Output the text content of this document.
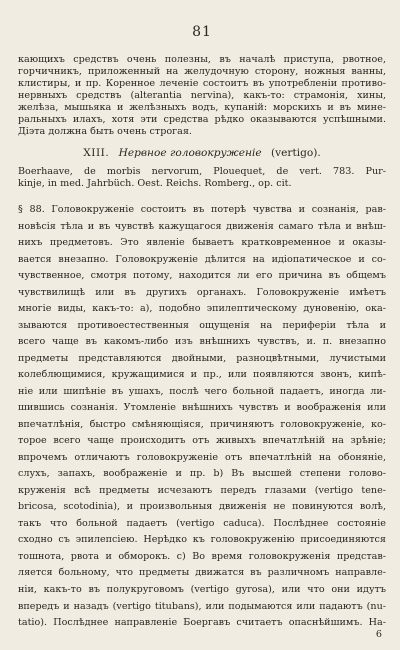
81
кающихъ средствъ очень полезны, въ началѣ приступа, рвотное,
горчичникъ, приложенный на желудочную сторону, ножныя ванны,
клистиры, и пр. Коренное леченіе состоитъ въ употребленіи противо-
нервныхъ средствъ (alterantia nervina), какъ-то: страмонія, хины,
желѣза, мышьяка и желѣзныхъ водъ, купаній: морскихъ и въ мине-
ральныхъ илахъ, хотя эти средства рѣдко оказываются успѣшными.
Діэта должна быть очень строгая.
XIII. Нервное головокруженіе (vertigo).
Boerhaave, de morbis nervorum, Plouequet, de vert. 783. Pur-
kinje, in med. Jahrbüch. Oest. Reichs. Romberg., op. cit.
§ 88. Головокруженіе состоитъ въ потерѣ чувства и сознанія, рав-
новѣсія тѣла и въ чувствѣ кажущагося движенія самаго тѣла и внѣш-
нихъ предметовъ. Это явленіе бываетъ кратковременное и оказы-
вается внезапно. Головокруженіе дѣлится на идіопатическое и со-
чувственное, смотря потому, находится ли его причина въ общемъ
чувствилищѣ или въ другихъ органахъ. Головокруженіе имѣетъ
многіе виды, какъ-то: а), подобно эпилептическому дуновенію, ока-
зываются противоестественныя ощущенія на периферіи тѣла и
всего чаще въ какомъ-либо изъ внѣшнихъ чувствъ, и. п. внезапно
предметы представляются двойными, разноцвѣтными, лучистыми
колеблющимися, кружащимися и пр., или появляются звонъ, кипѣ-
ніе или шипѣніе въ ушахъ, послѣ чего больной падаетъ, иногда ли-
шившись сознанія. Утомленіе внѣшнихъ чувствъ и воображенія или
впечатлѣнія, быстро смѣняющіяся, причиняютъ головокруженіе, ко-
торое всего чаще происходитъ отъ живыхъ впечатлѣній на зрѣніе;
впрочемъ отличаютъ головокруженіе отъ впечатлѣній на обоняніе,
слухъ, запахъ, воображеніе и пр. b) Въ высшей степени голово-
круженія всѣ предметы исчезаютъ передъ глазами (vertigo tene-
bricosa, scotodinia), и произвольныя движенія не повинуются волѣ,
такъ что больной падаетъ (vertigo caduca). Послѣднее состояніе
сходно съ эпилепсіею. Нерѣдко къ головокруженію присоединяются
тошнота, рвота и обморокъ. c) Во время головокруженія представ-
ляется больному, что предметы движатся въ различномъ направле-
ніи, какъ-то въ полукруговомъ (vertigo gyrosa), или что они идутъ
впередъ и назадъ (vertigo titubans), или подымаются или падаютъ (nu-
tatio). Послѣднее направленіе Боергавъ считаетъ опаснѣйшимъ. На-
6
